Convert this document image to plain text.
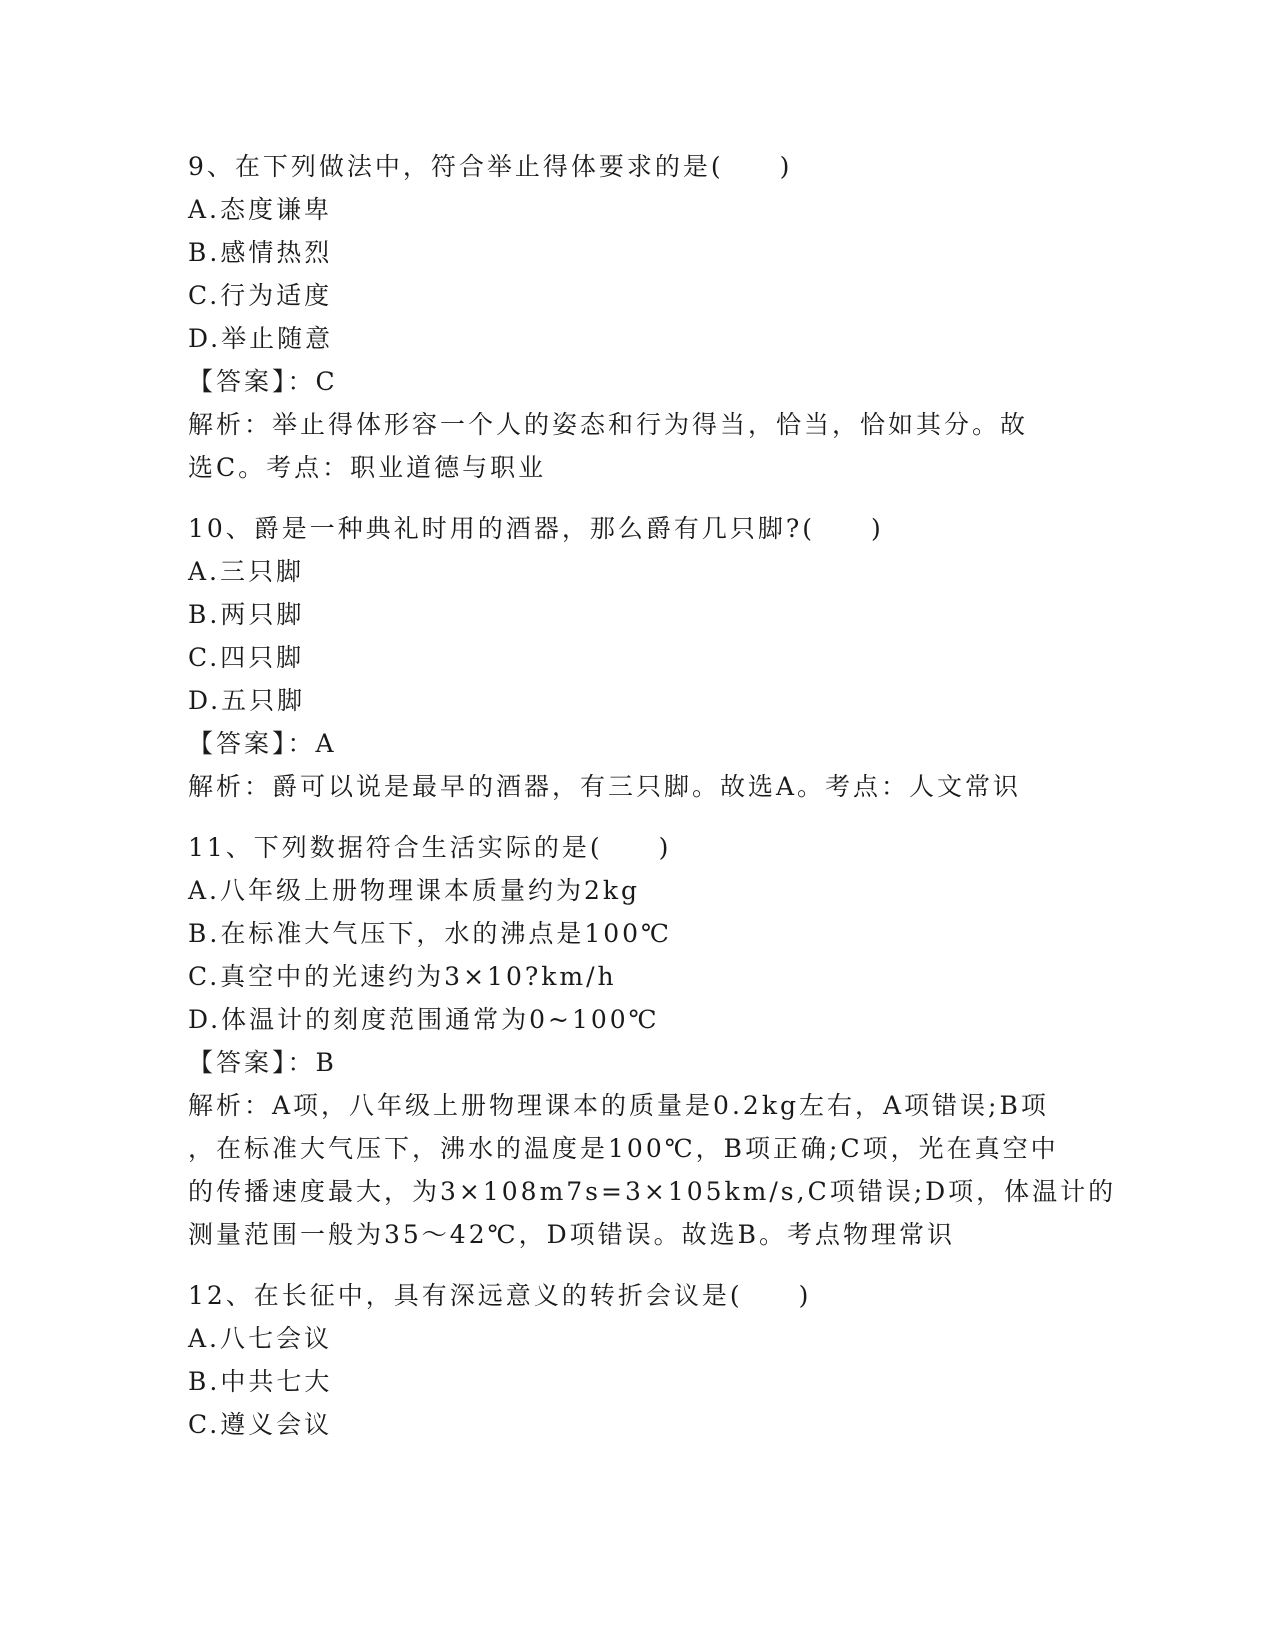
9、在下列做法中，符合举止得体要求的是(　　)
A.态度谦卑
B.感情热烈
C.行为适度
D.举止随意
【答案】：C
解析：举止得体形容一个人的姿态和行为得当，恰当，恰如其分。故
选C。考点：职业道德与职业
10、爵是一种典礼时用的酒器，那么爵有几只脚?(　　)
A.三只脚
B.两只脚
C.四只脚
D.五只脚
【答案】：A
解析：爵可以说是最早的酒器，有三只脚。故选A。考点：人文常识
11、下列数据符合生活实际的是(　　)
A.八年级上册物理课本质量约为2kg
B.在标准大气压下，水的沸点是100℃
C.真空中的光速约为3×10?km/h
D.体温计的刻度范围通常为0~100℃
【答案】：B
解析：A项，八年级上册物理课本的质量是0.2kg左右，A项错误;B项
，在标准大气压下，沸水的温度是100℃，B项正确;C项，光在真空中
的传播速度最大，为3×108m7s=3×105km/s,C项错误;D项，体温计的
测量范围一般为35～42℃，D项错误。故选B。考点物理常识
12、在长征中，具有深远意义的转折会议是(　　)
A.八七会议
B.中共七大
C.遵义会议
